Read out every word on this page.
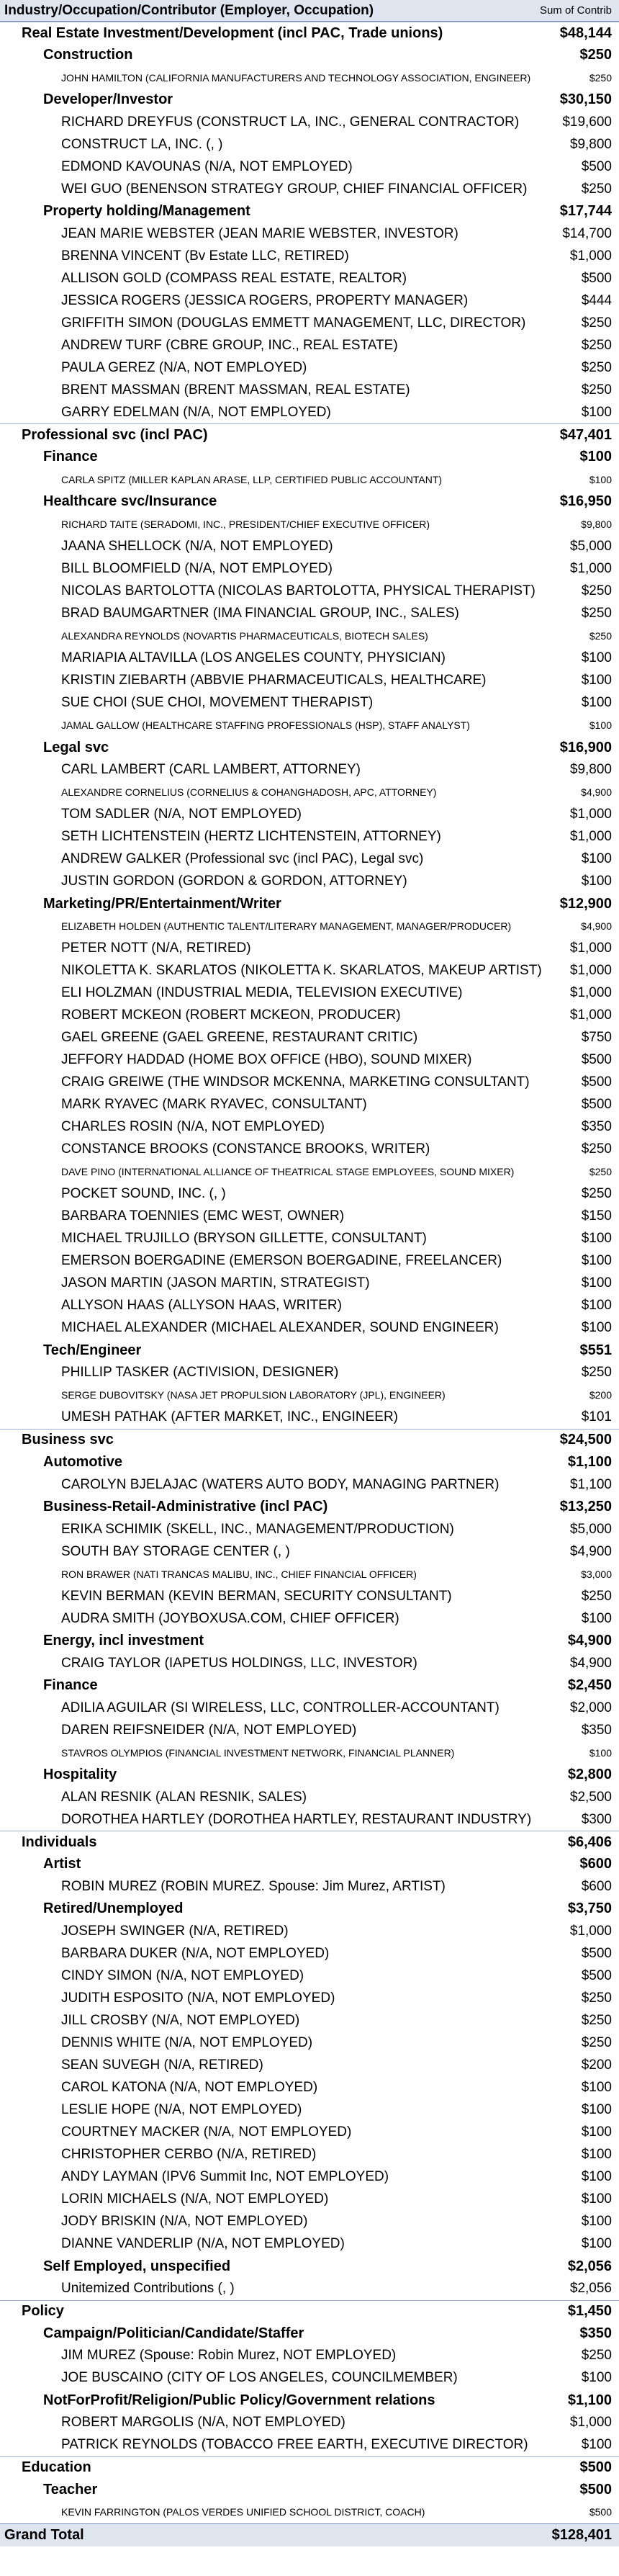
Industry/Occupation/Contributor (Employer, Occupation)	Sum of Contrib
Real Estate Investment/Development (incl PAC, Trade unions)	$48,144
Construction	$250
JOHN HAMILTON (CALIFORNIA MANUFACTURERS AND TECHNOLOGY ASSOCIATION, ENGINEER)	$250
Developer/Investor	$30,150
RICHARD DREYFUS (CONSTRUCT LA, INC., GENERAL CONTRACTOR)	$19,600
CONSTRUCT LA, INC. (, )	$9,800
EDMOND KAVOUNAS (N/A, NOT EMPLOYED)	$500
WEI GUO (BENENSON STRATEGY GROUP, CHIEF FINANCIAL OFFICER)	$250
Property holding/Management	$17,744
JEAN MARIE WEBSTER (JEAN MARIE WEBSTER, INVESTOR)	$14,700
BRENNA VINCENT (Bv Estate LLC, RETIRED)	$1,000
ALLISON GOLD (COMPASS REAL ESTATE, REALTOR)	$500
JESSICA ROGERS (JESSICA ROGERS, PROPERTY MANAGER)	$444
GRIFFITH SIMON (DOUGLAS EMMETT MANAGEMENT, LLC, DIRECTOR)	$250
ANDREW TURF (CBRE GROUP, INC., REAL ESTATE)	$250
PAULA GEREZ (N/A, NOT EMPLOYED)	$250
BRENT MASSMAN (BRENT MASSMAN, REAL ESTATE)	$250
GARRY EDELMAN (N/A, NOT EMPLOYED)	$100
Professional svc (incl PAC)	$47,401
Finance	$100
CARLA SPITZ (MILLER KAPLAN ARASE, LLP, CERTIFIED PUBLIC ACCOUNTANT)	$100
Healthcare svc/Insurance	$16,950
RICHARD TAITE (SERADOMI, INC., PRESIDENT/CHIEF EXECUTIVE OFFICER)	$9,800
JAANA SHELLOCK (N/A, NOT EMPLOYED)	$5,000
BILL BLOOMFIELD (N/A, NOT EMPLOYED)	$1,000
NICOLAS BARTOLOTTA (NICOLAS BARTOLOTTA, PHYSICAL THERAPIST)	$250
BRAD BAUMGARTNER (IMA FINANCIAL GROUP, INC., SALES)	$250
ALEXANDRA REYNOLDS (NOVARTIS PHARMACEUTICALS, BIOTECH SALES)	$250
MARIAPIA ALTAVILLA (LOS ANGELES COUNTY, PHYSICIAN)	$100
KRISTIN ZIEBARTH (ABBVIE PHARMACEUTICALS, HEALTHCARE)	$100
SUE CHOI (SUE CHOI, MOVEMENT THERAPIST)	$100
JAMAL GALLOW (HEALTHCARE STAFFING PROFESSIONALS (HSP), STAFF ANALYST)	$100
Legal svc	$16,900
CARL LAMBERT (CARL LAMBERT, ATTORNEY)	$9,800
ALEXANDRE CORNELIUS (CORNELIUS & COHANGHADOSH, APC, ATTORNEY)	$4,900
TOM SADLER (N/A, NOT EMPLOYED)	$1,000
SETH LICHTENSTEIN (HERTZ LICHTENSTEIN, ATTORNEY)	$1,000
ANDREW GALKER (Professional svc (incl PAC), Legal svc)	$100
JUSTIN GORDON (GORDON & GORDON, ATTORNEY)	$100
Marketing/PR/Entertainment/Writer	$12,900
ELIZABETH HOLDEN (AUTHENTIC TALENT/LITERARY MANAGEMENT, MANAGER/PRODUCER)	$4,900
PETER NOTT (N/A, RETIRED)	$1,000
NIKOLETTA K. SKARLATOS (NIKOLETTA K. SKARLATOS, MAKEUP ARTIST)	$1,000
ELI HOLZMAN (INDUSTRIAL MEDIA, TELEVISION EXECUTIVE)	$1,000
ROBERT MCKEON (ROBERT MCKEON, PRODUCER)	$1,000
GAEL GREENE (GAEL GREENE, RESTAURANT CRITIC)	$750
JEFFORY HADDAD (HOME BOX OFFICE (HBO), SOUND MIXER)	$500
CRAIG GREIWE (THE WINDSOR MCKENNA, MARKETING CONSULTANT)	$500
MARK RYAVEC (MARK RYAVEC, CONSULTANT)	$500
CHARLES ROSIN (N/A, NOT EMPLOYED)	$350
CONSTANCE BROOKS (CONSTANCE BROOKS, WRITER)	$250
DAVE PINO (INTERNATIONAL ALLIANCE OF THEATRICAL STAGE EMPLOYEES, SOUND MIXER)	$250
POCKET SOUND, INC. (, )	$250
BARBARA TOENNIES (EMC WEST, OWNER)	$150
MICHAEL TRUJILLO (BRYSON GILLETTE, CONSULTANT)	$100
EMERSON BOERGADINE (EMERSON BOERGADINE, FREELANCER)	$100
JASON MARTIN (JASON MARTIN, STRATEGIST)	$100
ALLYSON HAAS (ALLYSON HAAS, WRITER)	$100
MICHAEL ALEXANDER (MICHAEL ALEXANDER, SOUND ENGINEER)	$100
Tech/Engineer	$551
PHILLIP TASKER (ACTIVISION, DESIGNER)	$250
SERGE DUBOVITSKY (NASA JET PROPULSION LABORATORY (JPL), ENGINEER)	$200
UMESH PATHAK (AFTER MARKET, INC., ENGINEER)	$101
Business svc	$24,500
Automotive	$1,100
CAROLYN BJELAJAC (WATERS AUTO BODY, MANAGING PARTNER)	$1,100
Business-Retail-Administrative (incl PAC)	$13,250
ERIKA SCHIMIK (SKELL, INC., MANAGEMENT/PRODUCTION)	$5,000
SOUTH BAY STORAGE CENTER (, )	$4,900
RON BRAWER (NATI TRANCAS MALIBU, INC., CHIEF FINANCIAL OFFICER)	$3,000
KEVIN BERMAN (KEVIN BERMAN, SECURITY CONSULTANT)	$250
AUDRA SMITH (JOYBOXUSA.COM, CHIEF OFFICER)	$100
Energy, incl investment	$4,900
CRAIG TAYLOR (IAPETUS HOLDINGS, LLC, INVESTOR)	$4,900
Finance	$2,450
ADILIA AGUILAR (SI WIRELESS, LLC, CONTROLLER-ACCOUNTANT)	$2,000
DAREN REIFSNEIDER (N/A, NOT EMPLOYED)	$350
STAVROS OLYMPIOS (FINANCIAL INVESTMENT NETWORK, FINANCIAL PLANNER)	$100
Hospitality	$2,800
ALAN RESNIK (ALAN RESNIK, SALES)	$2,500
DOROTHEA HARTLEY (DOROTHEA HARTLEY, RESTAURANT INDUSTRY)	$300
Individuals	$6,406
Artist	$600
ROBIN MUREZ (ROBIN MUREZ. Spouse: Jim Murez, ARTIST)	$600
Retired/Unemployed	$3,750
JOSEPH SWINGER (N/A, RETIRED)	$1,000
BARBARA DUKER (N/A, NOT EMPLOYED)	$500
CINDY SIMON (N/A, NOT EMPLOYED)	$500
JUDITH ESPOSITO (N/A, NOT EMPLOYED)	$250
JILL CROSBY (N/A, NOT EMPLOYED)	$250
DENNIS WHITE (N/A, NOT EMPLOYED)	$250
SEAN SUVEGH (N/A, RETIRED)	$200
CAROL KATONA (N/A, NOT EMPLOYED)	$100
LESLIE HOPE (N/A, NOT EMPLOYED)	$100
COURTNEY MACKER (N/A, NOT EMPLOYED)	$100
CHRISTOPHER CERBO (N/A, RETIRED)	$100
ANDY LAYMAN (IPV6 Summit Inc, NOT EMPLOYED)	$100
LORIN MICHAELS (N/A, NOT EMPLOYED)	$100
JODY BRISKIN (N/A, NOT EMPLOYED)	$100
DIANNE VANDERLIP (N/A, NOT EMPLOYED)	$100
Self Employed, unspecified	$2,056
Unitemized Contributions (, )	$2,056
Policy	$1,450
Campaign/Politician/Candidate/Staffer	$350
JIM MUREZ (Spouse: Robin Murez, NOT EMPLOYED)	$250
JOE BUSCAINO (CITY OF LOS ANGELES, COUNCILMEMBER)	$100
NotForProfit/Religion/Public Policy/Government relations	$1,100
ROBERT MARGOLIS (N/A, NOT EMPLOYED)	$1,000
PATRICK REYNOLDS (TOBACCO FREE EARTH, EXECUTIVE DIRECTOR)	$100
Education	$500
Teacher	$500
KEVIN FARRINGTON (PALOS VERDES UNIFIED SCHOOL DISTRICT, COACH)	$500
Grand Total	$128,401
